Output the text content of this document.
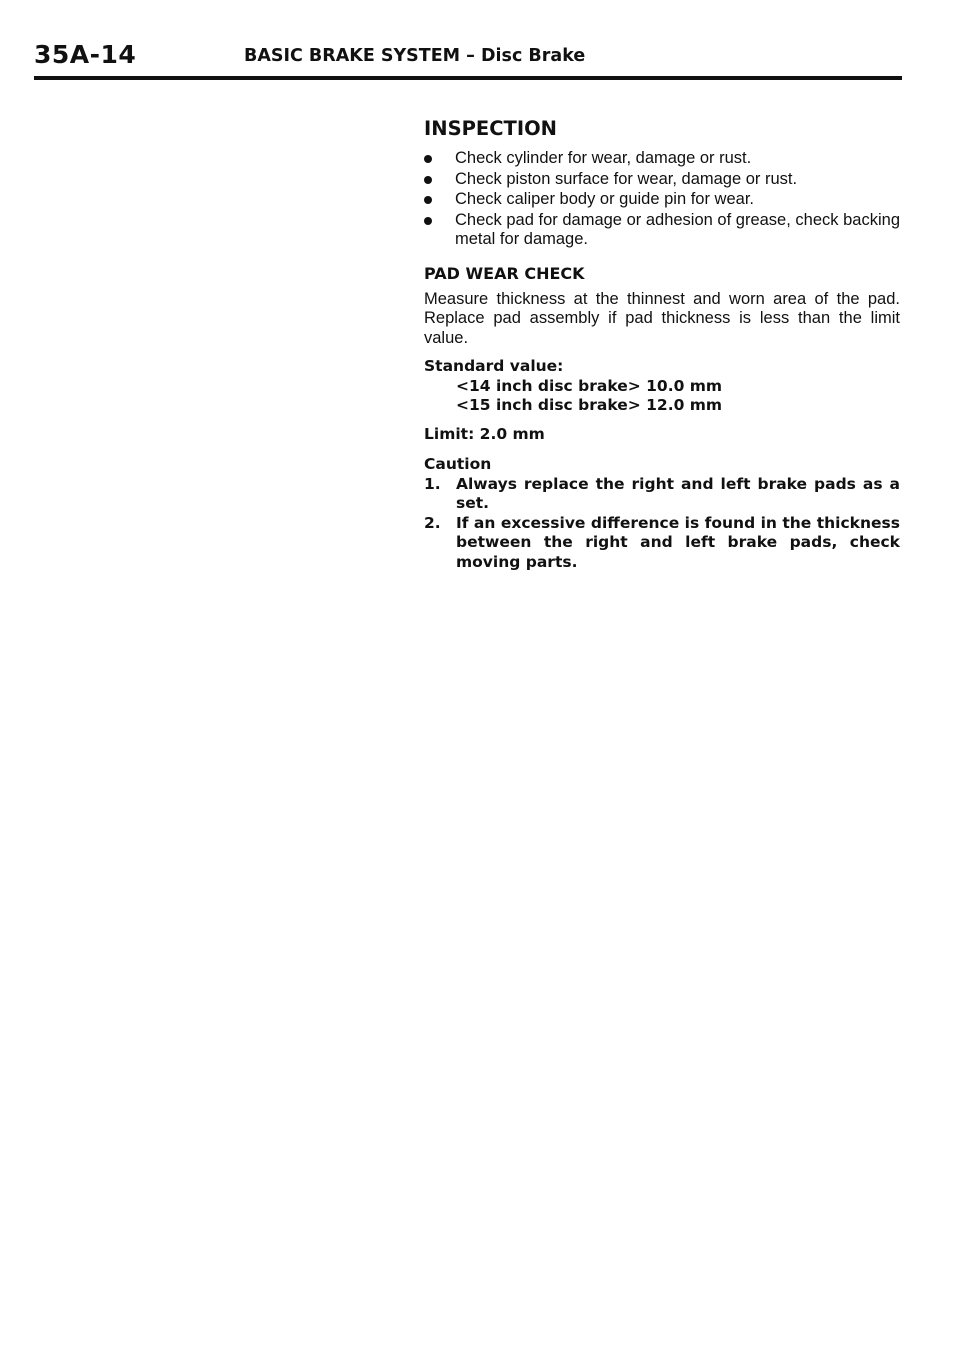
35A-14	BASIC BRAKE SYSTEM – Disc Brake
INSPECTION
Check cylinder for wear, damage or rust.
Check piston surface for wear, damage or rust.
Check caliper body or guide pin for wear.
Check pad for damage or adhesion of grease, check backing metal for damage.
PAD WEAR CHECK

Measure thickness at the thinnest and worn area of the pad. Replace pad assembly if pad thickness is less than the limit value.

Standard value:
<14 inch disc brake> 10.0 mm
<15 inch disc brake> 12.0 mm
Limit: 2.0 mm
Caution
1. Always replace the right and left brake pads as a set.
2. If an excessive difference is found in the thickness between the right and left brake pads, check moving parts.
